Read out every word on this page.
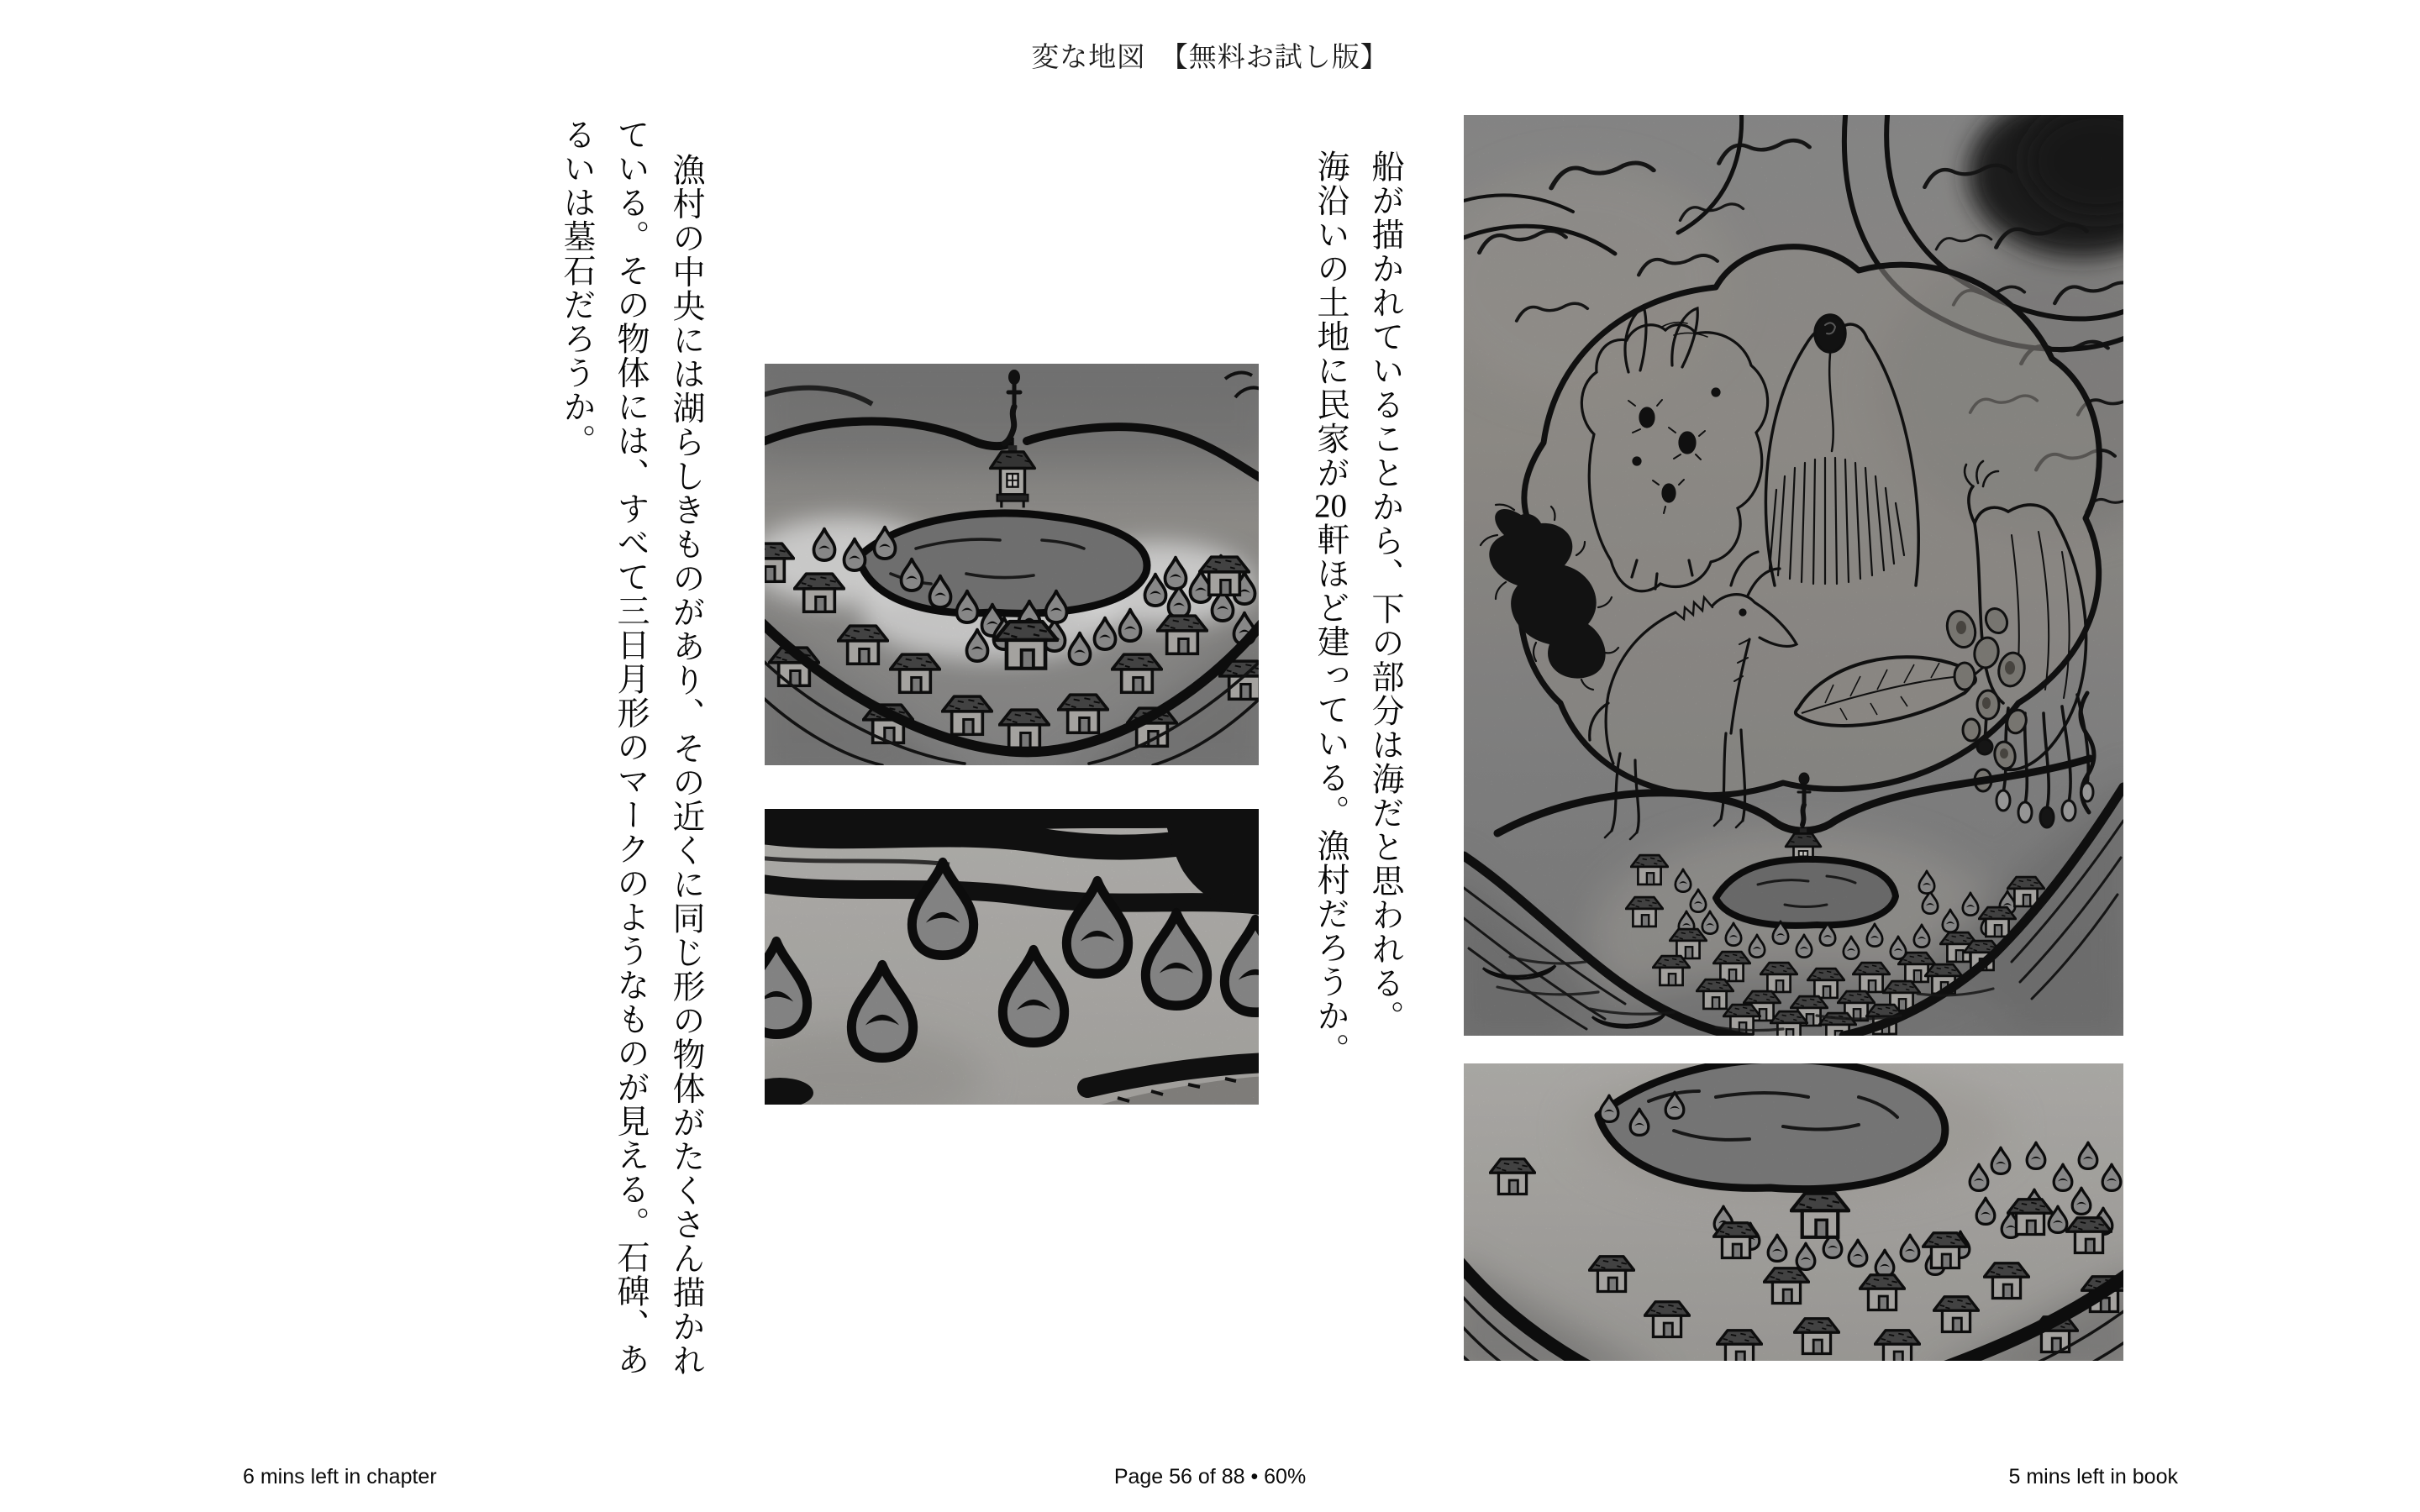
変な地図　【無料お試し版】
漁村の中央には湖らしきものがあり、その近くに同じ形の物体がたくさん描かれ
ている。その物体には、すべて三日月形のマークのようなものが見える。石碑、あ
るいは墓石だろうか。	船が描かれていることから、下の部分は海だと思われる。
海沿いの土地に民家が20軒ほど建っている。漁村だろうか。
Page 56 of 88 • 60%
6 mins left in chapter	5 mins left in book
